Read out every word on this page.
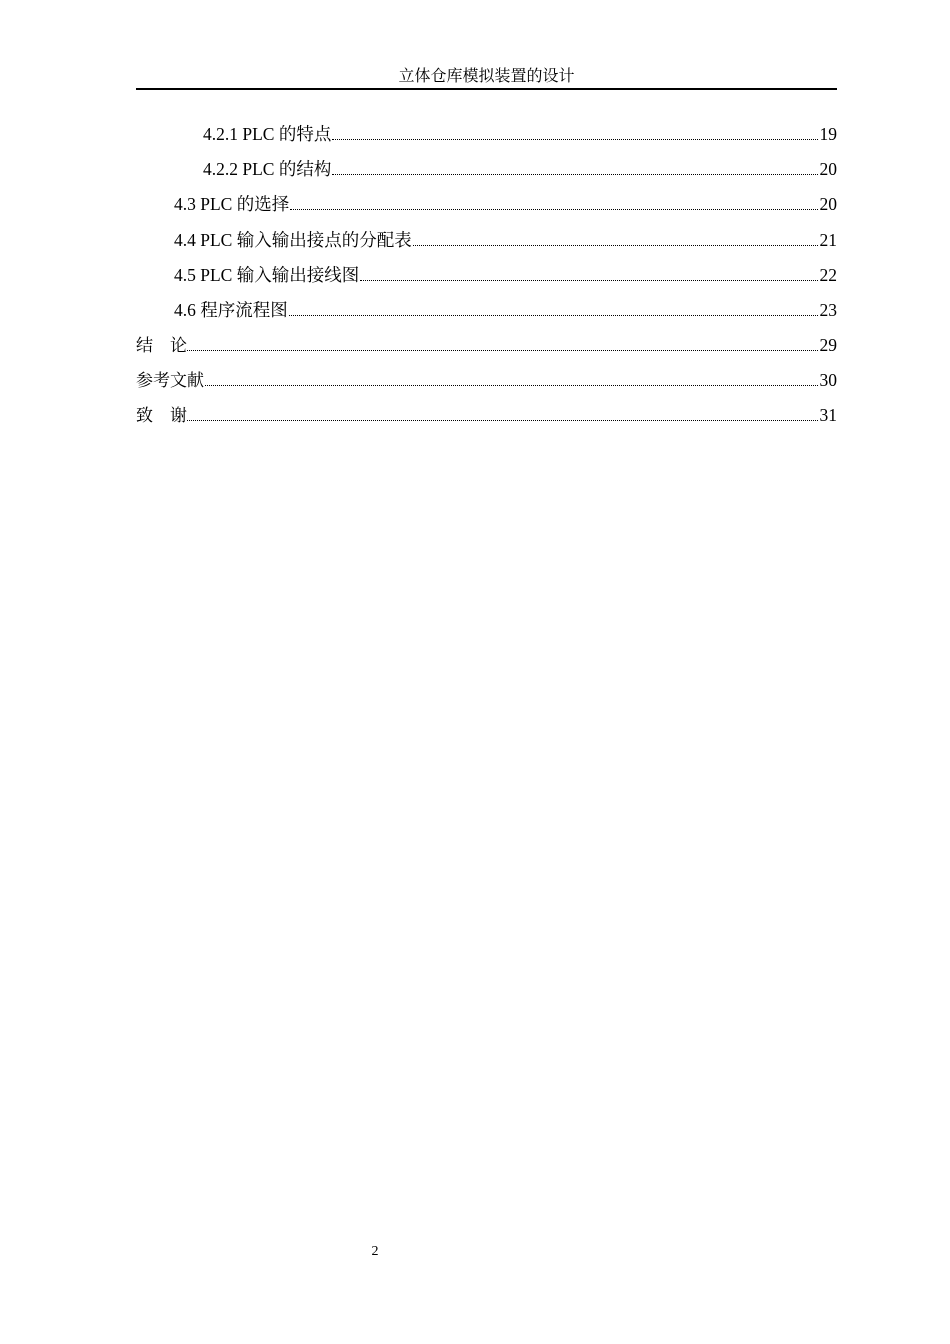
立体仓库模拟装置的设计
4.2.1 PLC 的特点	19
4.2.2 PLC 的结构	20
4.3 PLC 的选择	20
4.4 PLC 输入输出接点的分配表	21
4.5 PLC 输入输出接线图	22
4.6 程序流程图	23
结论	29
参考文献	30
致谢	31
2
